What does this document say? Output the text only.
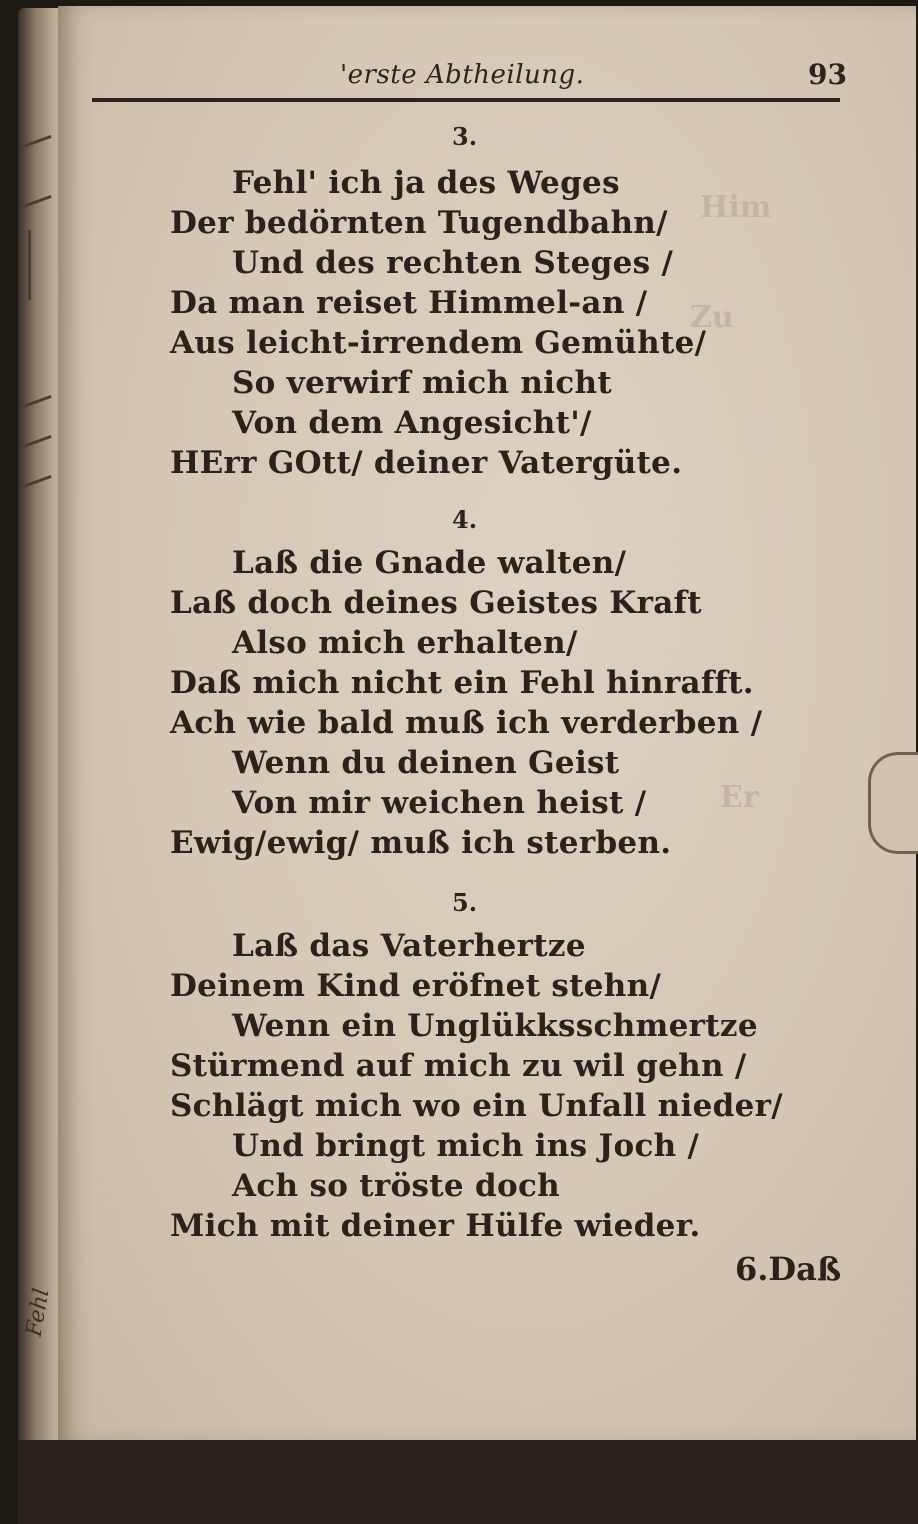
Him
Zu
Er
Fehl
'erste Abtheilung.	93
3.
Fehl' ich ja des Weges
Der bedörnten Tugendbahn/
Und des rechten Steges /
Da man reiset Himmel-an /
Aus leicht-irrendem Gemühte/
So verwirf mich nicht
Von dem Angesicht'/
HErr GOtt/ deiner Vatergüte.
4.
Laß die Gnade walten/
Laß doch deines Geistes Kraft
Also mich erhalten/
Daß mich nicht ein Fehl hinrafft.
Ach wie bald muß ich verderben /
Wenn du deinen Geist
Von mir weichen heist /
Ewig/ewig/ muß ich sterben.
5.
Laß das Vaterhertze
Deinem Kind eröfnet stehn/
Wenn ein Unglükksschmertze
Stürmend auf mich zu wil gehn /
Schlägt mich wo ein Unfall nieder/
Und bringt mich ins Joch /
Ach so tröste doch
Mich mit deiner Hülfe wieder.
6.Daß
